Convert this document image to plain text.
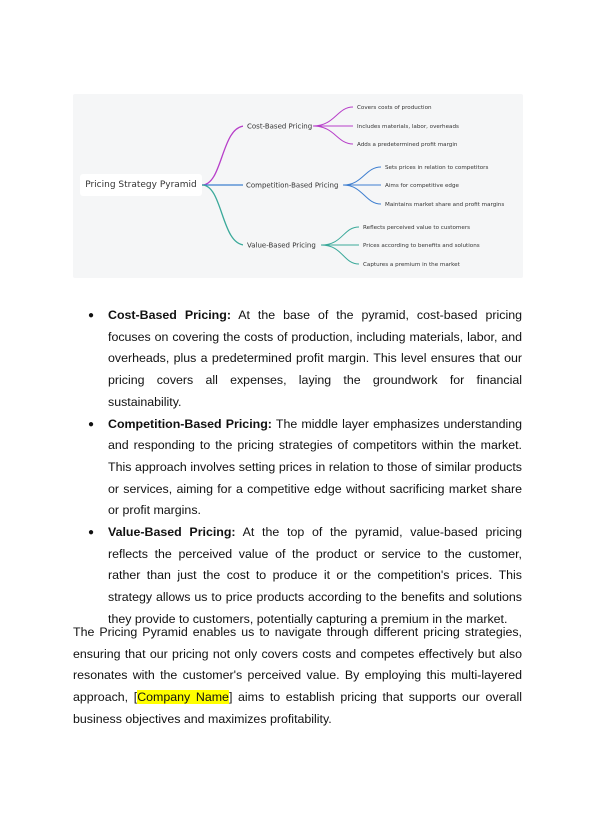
Cost-Based Pricing
Competition-Based Pricing
Value-Based Pricing
Covers costs of production
Includes materials, labor, overheads
Adds a predetermined profit margin
Sets prices in relation to competitors
Aims for competitive edge
Maintains market share and profit margins
Reflects perceived value to customers
Prices according to benefits and solutions
Captures a premium in the market
Pricing Strategy Pyramid
● Cost-Based Pricing: At the base of the pyramid, cost-based pricing focuses on covering the costs of production, including materials, labor, and overheads, plus a predetermined profit margin. This level ensures that our pricing covers all expenses, laying the groundwork for financial sustainability.
● Competition-Based Pricing: The middle layer emphasizes understanding and responding to the pricing strategies of competitors within the market. This approach involves setting prices in relation to those of similar products or services, aiming for a competitive edge without sacrificing market share or profit margins.
● Value-Based Pricing: At the top of the pyramid, value-based pricing reflects the perceived value of the product or service to the customer, rather than just the cost to produce it or the competition's prices. This strategy allows us to price products according to the benefits and solutions they provide to customers, potentially capturing a premium in the market.

The Pricing Pyramid enables us to navigate through different pricing strategies, ensuring that our pricing not only covers costs and competes effectively but also resonates with the customer's perceived value. By employing this multi-layered approach, [Company Name] aims to establish pricing that supports our overall business objectives and maximizes profitability.
